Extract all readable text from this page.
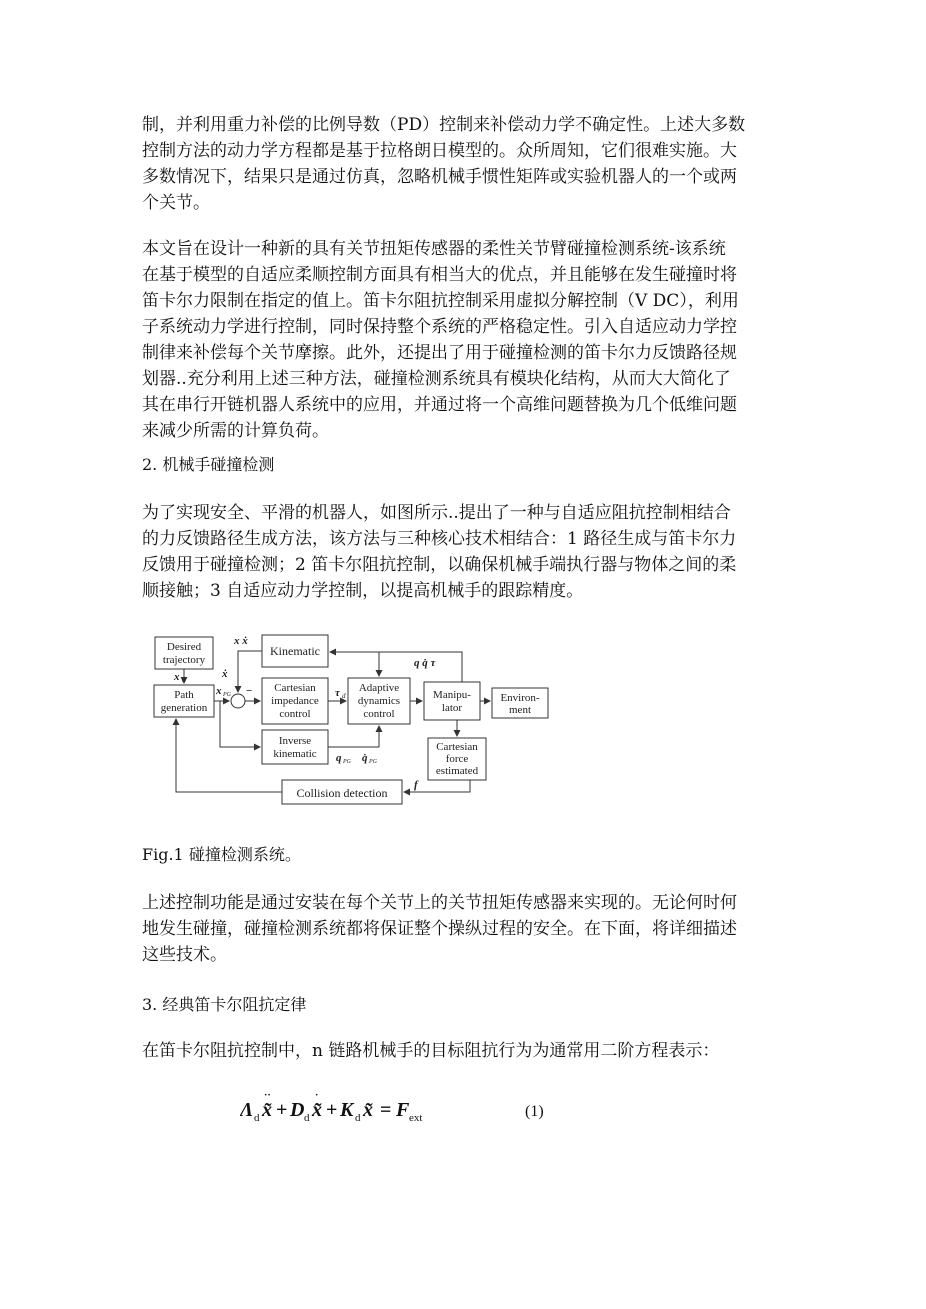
制，并利用重力补偿的比例导数（PD）控制来补偿动力学不确定性。上述大多数
控制方法的动力学方程都是基于拉格朗日模型的。众所周知，它们很难实施。大
多数情况下，结果只是通过仿真，忽略机械手惯性矩阵或实验机器人的一个或两
个关节。

本文旨在设计一种新的具有关节扭矩传感器的柔性关节臂碰撞检测系统-该系统
在基于模型的自适应柔顺控制方面具有相当大的优点，并且能够在发生碰撞时将
笛卡尔力限制在指定的值上。笛卡尔阻抗控制采用虚拟分解控制（V DC），利用
子系统动力学进行控制，同时保持整个系统的严格稳定性。引入自适应动力学控
制律来补偿每个关节摩擦。此外，还提出了用于碰撞检测的笛卡尔力反馈路径规
划器..充分利用上述三种方法，碰撞检测系统具有模块化结构，从而大大简化了
其在串行开链机器人系统中的应用，并通过将一个高维问题替换为几个低维问题
来减少所需的计算负荷。

2. 机械手碰撞检测

为了实现安全、平滑的机器人，如图所示..提出了一种与自适应阻抗控制相结合
的力反馈路径生成方法，该方法与三种核心技术相结合：1 路径生成与笛卡尔力
反馈用于碰撞检测；2 笛卡尔阻抗控制，以确保机械手端执行器与物体之间的柔
顺接触；3 自适应动力学控制，以提高机械手的跟踪精度。

Desired
trajectory
Path
generation
Kinematic
Cartesian
impedance
control
Adaptive
dynamics
control
Manipu-
lator
Environ-
ment
Inverse
kinematic
Cartesian
force
estimated
Collision detection
x d
x PG
ẋ
−
x ẋ
τ d
q q̇ τ
q PG q̇ PG
f

Fig.1 碰撞检测系统。

上述控制功能是通过安装在每个关节上的关节扭矩传感器来实现的。无论何时何
地发生碰撞，碰撞检测系统都将保证整个操纵过程的安全。在下面，将详细描述
这些技术。

3. 经典笛卡尔阻抗定律

在笛卡尔阻抗控制中，n 链路机械手的目标阻抗行为为通常用二阶方程表示：

Λ d x̃
··
+ D d x̃
·
+ K d x̃ = F ext	(1)
